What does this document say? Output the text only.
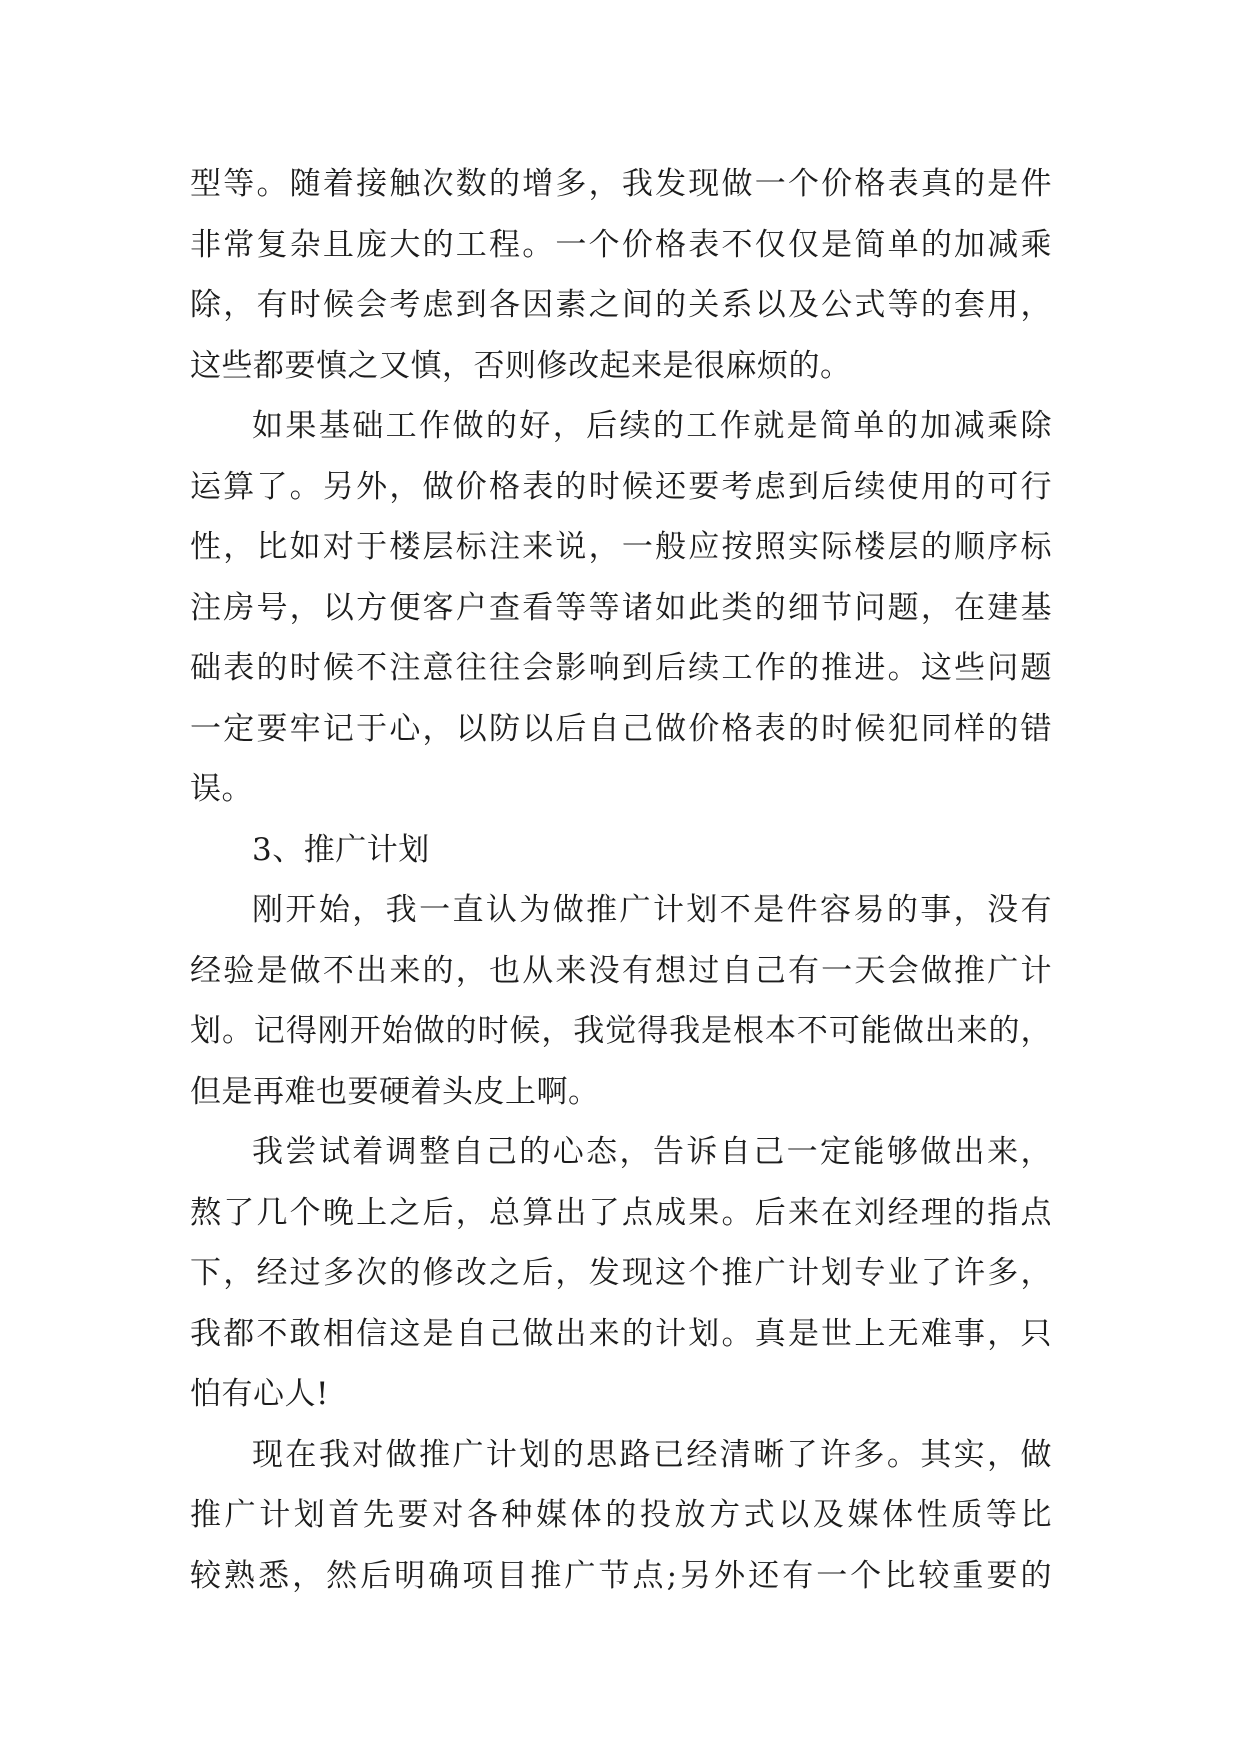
型等。随着接触次数的增多，我发现做一个价格表真的是件
非常复杂且庞大的工程。一个价格表不仅仅是简单的加减乘
除，有时候会考虑到各因素之间的关系以及公式等的套用，
这些都要慎之又慎，否则修改起来是很麻烦的。
如果基础工作做的好，后续的工作就是简单的加减乘除
运算了。另外，做价格表的时候还要考虑到后续使用的可行
性，比如对于楼层标注来说，一般应按照实际楼层的顺序标
注房号，以方便客户查看等等诸如此类的细节问题，在建基
础表的时候不注意往往会影响到后续工作的推进。这些问题
一定要牢记于心，以防以后自己做价格表的时候犯同样的错
误。
3、推广计划
刚开始，我一直认为做推广计划不是件容易的事，没有
经验是做不出来的，也从来没有想过自己有一天会做推广计
划。记得刚开始做的时候，我觉得我是根本不可能做出来的，
但是再难也要硬着头皮上啊。
我尝试着调整自己的心态，告诉自己一定能够做出来，
熬了几个晚上之后，总算出了点成果。后来在刘经理的指点
下，经过多次的修改之后，发现这个推广计划专业了许多，
我都不敢相信这是自己做出来的计划。真是世上无难事，只
怕有心人!
现在我对做推广计划的思路已经清晰了许多。其实，做
推广计划首先要对各种媒体的投放方式以及媒体性质等比
较熟悉，然后明确项目推广节点;另外还有一个比较重要的
